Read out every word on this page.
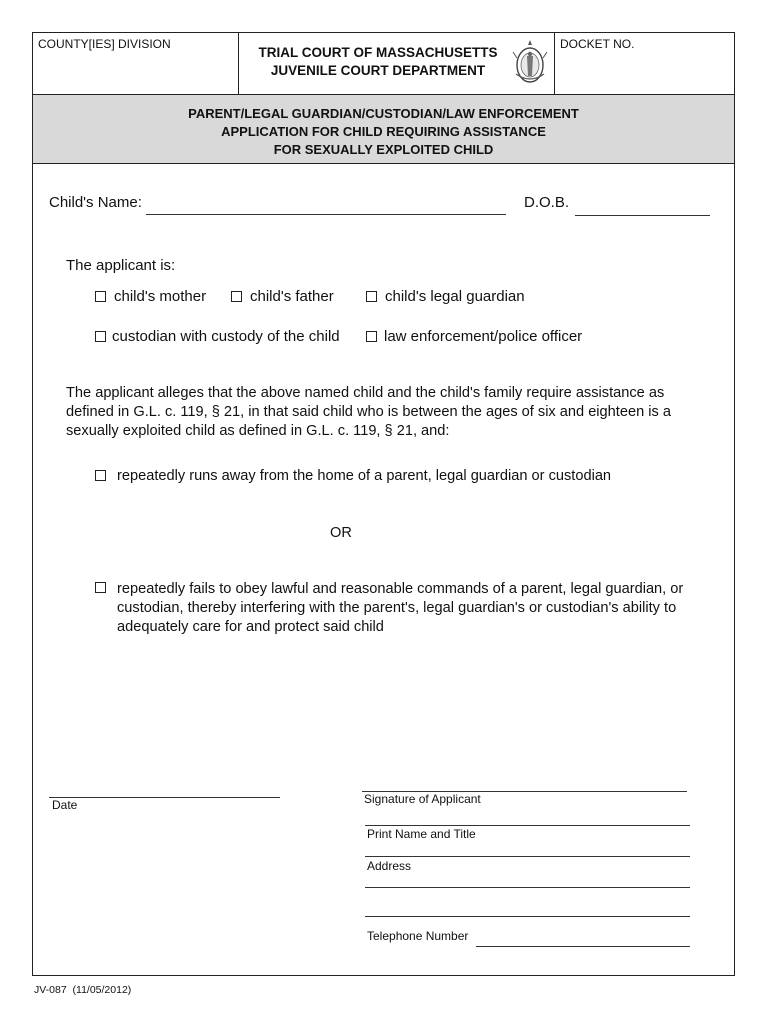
COUNTY[IES] DIVISION
TRIAL COURT OF MASSACHUSETTS
JUVENILE COURT DEPARTMENT
DOCKET NO.
PARENT/LEGAL GUARDIAN/CUSTODIAN/LAW ENFORCEMENT
APPLICATION FOR CHILD REQUIRING ASSISTANCE
FOR SEXUALLY EXPLOITED CHILD
Child's Name:	D.O.B.
The applicant is:
child's mother	child's father	child's legal guardian
custodian with custody of the child	law enforcement/police officer
The applicant alleges that the above named child and the child's family require assistance as
defined in G.L. c. 119, § 21, in that said child who is between the ages of six and eighteen is a
sexually exploited child as defined in G.L. c. 119, § 21, and:
repeatedly runs away from the home of a parent, legal guardian or custodian
OR
repeatedly fails to obey lawful and reasonable commands of a parent, legal guardian, or
custodian, thereby interfering with the parent's, legal guardian's or custodian's ability to
adequately care for and protect said child
Date	Signature of Applicant
Print Name and Title
Address
Telephone Number
JV-087  (11/05/2012)
